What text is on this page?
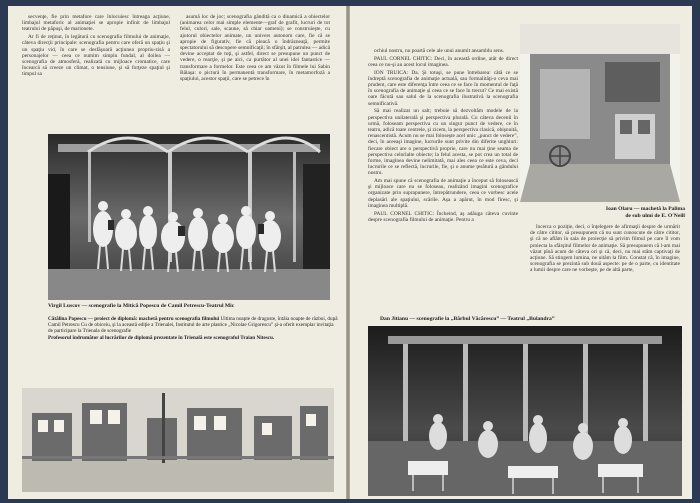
secvenţe, fie prin metafore care înlocuiesc întreaga acţiune, limbajul metaforic al animaţiei se apropie infinit de limbajul teatrului de păpuşi, de marionete.

Ar fi de reţinut, în legătură cu scenografia filmului de animaţie, câteva direcţii principale: scenografia pentru care oferă un spaţiu şi un spaţiu vid, în care se desfăşoară acţiunea propriu-zisă a personajelor — ceea ce numim simplu fundal, al doilea — scenografia de atmosferă, realizată cu mijloace cromatice, care încearcă să creeze un climat, o tensiune, şi să forţeze spaţiul şi timpul sa

asumă loc de joc; scenografia gândită ca o dinamică a obiectelor (animarea celor mai simple elemente—graf de grafit, lucruri de tot felul, culori, sale, scaune, să chiar oameni); se construieşte, cu ajutorul obiectelor animate, un univers autonom care, fie că se apropie de figurativ, fie că pleacă o îndrăzneaţă, permite spectatorului să descopere semnificaţii; în sfârşit, al patrulea — adică devine acceptat de toţi, şi astfel, direct se presupune un punct de vedere, o reacţie, şi pe aici, ca purtător al unei idei fantastice — transformare a formelor. Este ceea ce am văzut în filmele lui Sabin Bălaşa: o pictură în permanentă transformare, în metamorfoză a spaţiului, acestor spaţii, care se petrece în

Virgil Luscov — scenografie la Mitică Popescu de Camil Petrescu-Teatrul Mic
Cătălina Popescu — proiect de diplomă: machetă pentru scenografia filmului Ultima noapte de dragoste, întâia noapte de război, după Camil Petrescu Cu de obiceiu, şi la această ediţie a Trienalei, Institutul de arte plastice „Nicolae Grigorescu” şi-a oferit exemplar invitaţia de participare la Trienala de scenografie
Profesorul îndrumător al lucrărilor de diplomă prezentate în Trienală este scenograful Traian Nitescu.

ochiul nostru, nu poartă cele ale unui anumit ansamblu sens.

PAUL CORNEL CHITIC: Deci, în această ordine, atât de direct ceea ce nu-şi au acest locul imaginea.

ION TRUICA: Da. Şi totuşi, se pune întrebarea: câtă ce se îndreptă scenografia de animaţie actuală, sau formalităţi-o ceva mai prudent, care este diferenţa între ceea ce se face în momentul de faţă în scenografia de animaţie și ceea ce se face în trecut? Ce mai există oare făcută sau salul de la scenografia ilustrativă la scenografia semnificativă.

Să mai realizat un salt; trebuie să dezvoltăm modele de la perspectiva unilaterală şi perspectiva plurală. Cu câteva decenii în urmă, foloseam perspectiva cu un singur punct de vedere, ce în teatru, adică toate centrele, şi zicem, la perspectiva clasică, obişnuită, renascentistă. Acum nu se mai foloseşte acel unic „punct de vedere”, deci, în aceeaşi imagine, lucrurile sunt privite din diferite unghiuri: fiecare obiect are o perspectivă proprie, care nu mai ţine seama de perspectiva celorlalte obiecte; la felul acesta, se pot crea un total de forme, imaginea devine nelimitată, mai ales ceea ce este ceva, deci lucrurile ce se reflectă, lucrurile, fie, şi o anume ţesătură a gândului nostru.

Am mai spune că scenografia de animaţie a început să folosească şi mijloace care nu se foloseau, realizând imagini scenografice organizate prin suprapunere, întrepătrundere, ceea ce vorbesc acele deplasări ale spaţiului, scările. Aşa a apărut, în mod firesc, şi imaginea multiplă.

PAUL CORNEL CHITIC: Încheind, aş adăuga câteva cuvinte despre scenografia filmului de animaţie. Pentru a

Ioan Olaru — machetă la Palima
de sub ulmi de E. O'Neill

încerca o poziţie, deci, o înţelegere de afirmaţii despre de urmărit de către cititor, să presupunem că nu sunt cunoscute de către cititor, şi că ne aflăm în sala de proiecţie să privim filmul pe care îl vom proiecta la sfârşitul filmelor de animaţie. Să presupunem că l-am mai văzut pînă acum de câteva ori şi că, deci, nu mai stăm captivaţi de acţiune. Să stingem lumina, ne uităm la film. Constat că, în imagine, scenografia se prezintă sub două aspecte: pe de o parte, cu identitate a lumii despre care ne vorbeşte, pe de altă parte,

Dan Jitianu — scenografie la „Bărbul Văcărescu” — Teatrul „Bulandra”
